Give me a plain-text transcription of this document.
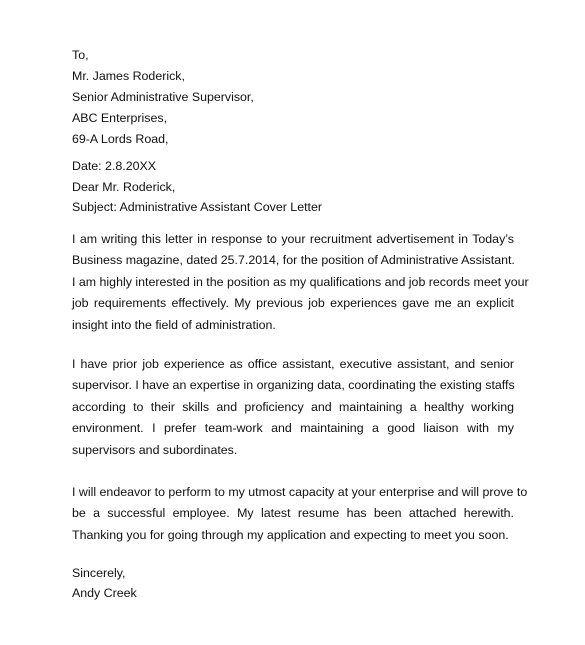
To,
Mr. James Roderick,
Senior Administrative Supervisor,
ABC Enterprises,
69-A Lords Road,
Date: 2.8.20XX
Dear Mr. Roderick,
Subject: Administrative Assistant Cover Letter
I am writing this letter in response to your recruitment advertisement in Today’s
Business magazine, dated 25.7.2014, for the position of Administrative Assistant.
I am highly interested in the position as my qualifications and job records meet your
job requirements effectively. My previous job experiences gave me an explicit
insight into the field of administration.
I have prior job experience as office assistant, executive assistant, and senior
supervisor. I have an expertise in organizing data, coordinating the existing staffs
according to their skills and proficiency and maintaining a healthy working
environment. I prefer team-work and maintaining a good liaison with my
supervisors and subordinates.
I will endeavor to perform to my utmost capacity at your enterprise and will prove to
be a successful employee. My latest resume has been attached herewith.
Thanking you for going through my application and expecting to meet you soon.
Sincerely,
Andy Creek
